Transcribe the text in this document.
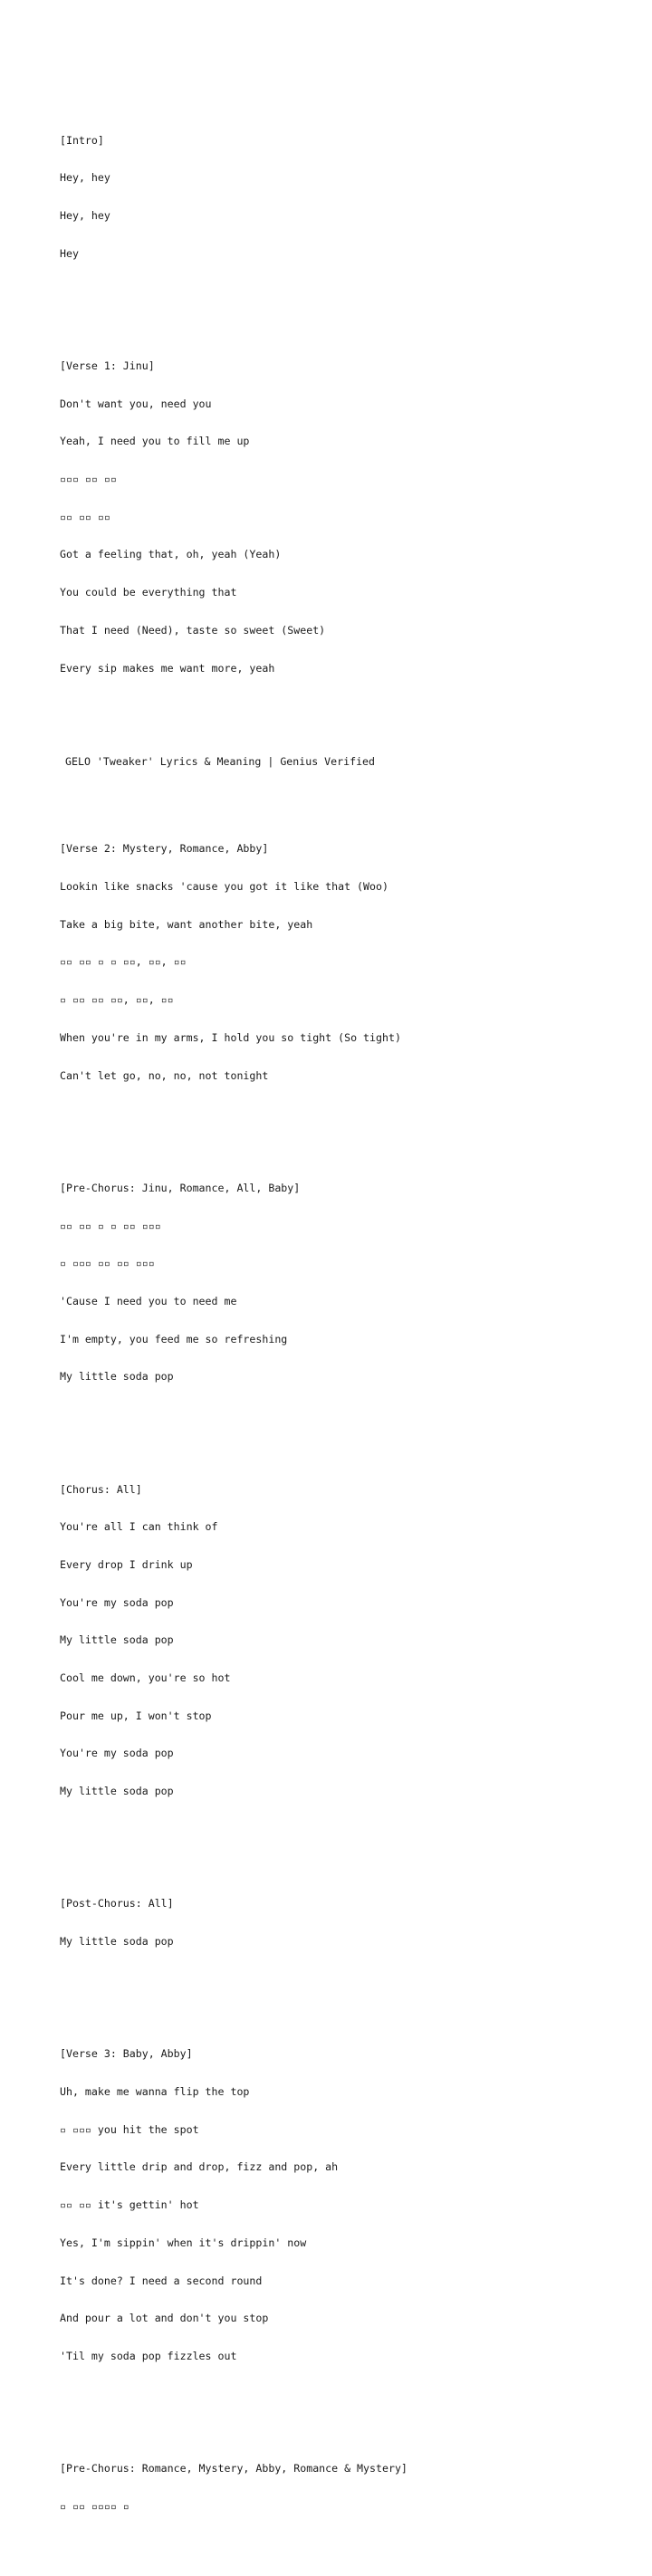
[Intro]

Hey, hey

Hey, hey

Hey

[Verse 1: Jinu]

Don't want you, need you

Yeah, I need you to fill me up

▫▫▫ ▫▫ ▫▫

▫▫ ▫▫ ▫▫

Got a feeling that, oh, yeah (Yeah)

You could be everything that

That I need (Need), taste so sweet (Sweet)

Every sip makes me want more, yeah

GELO 'Tweaker' Lyrics & Meaning | Genius Verified

[Verse 2: Mystery, Romance, Abby]

Lookin like snacks 'cause you got it like that (Woo)

Take a big bite, want another bite, yeah

▫▫ ▫▫ ▫ ▫ ▫▫, ▫▫, ▫▫

▫ ▫▫ ▫▫ ▫▫, ▫▫, ▫▫

When you're in my arms, I hold you so tight (So tight)

Can't let go, no, no, not tonight

[Pre-Chorus: Jinu, Romance, All, Baby]

▫▫ ▫▫ ▫ ▫ ▫▫ ▫▫▫

▫ ▫▫▫ ▫▫ ▫▫ ▫▫▫

'Cause I need you to need me

I'm empty, you feed me so refreshing

My little soda pop

[Chorus: All]

You're all I can think of

Every drop I drink up

You're my soda pop

My little soda pop

Cool me down, you're so hot

Pour me up, I won't stop

You're my soda pop

My little soda pop

[Post-Chorus: All]

My little soda pop

[Verse 3: Baby, Abby]

Uh, make me wanna flip the top

▫ ▫▫▫ you hit the spot

Every little drip and drop, fizz and pop, ah

▫▫ ▫▫ it's gettin' hot

Yes, I'm sippin' when it's drippin' now

It's done? I need a second round

And pour a lot and don't you stop

'Til my soda pop fizzles out

[Pre-Chorus: Romance, Mystery, Abby, Romance & Mystery]

▫ ▫▫ ▫▫▫▫ ▫
